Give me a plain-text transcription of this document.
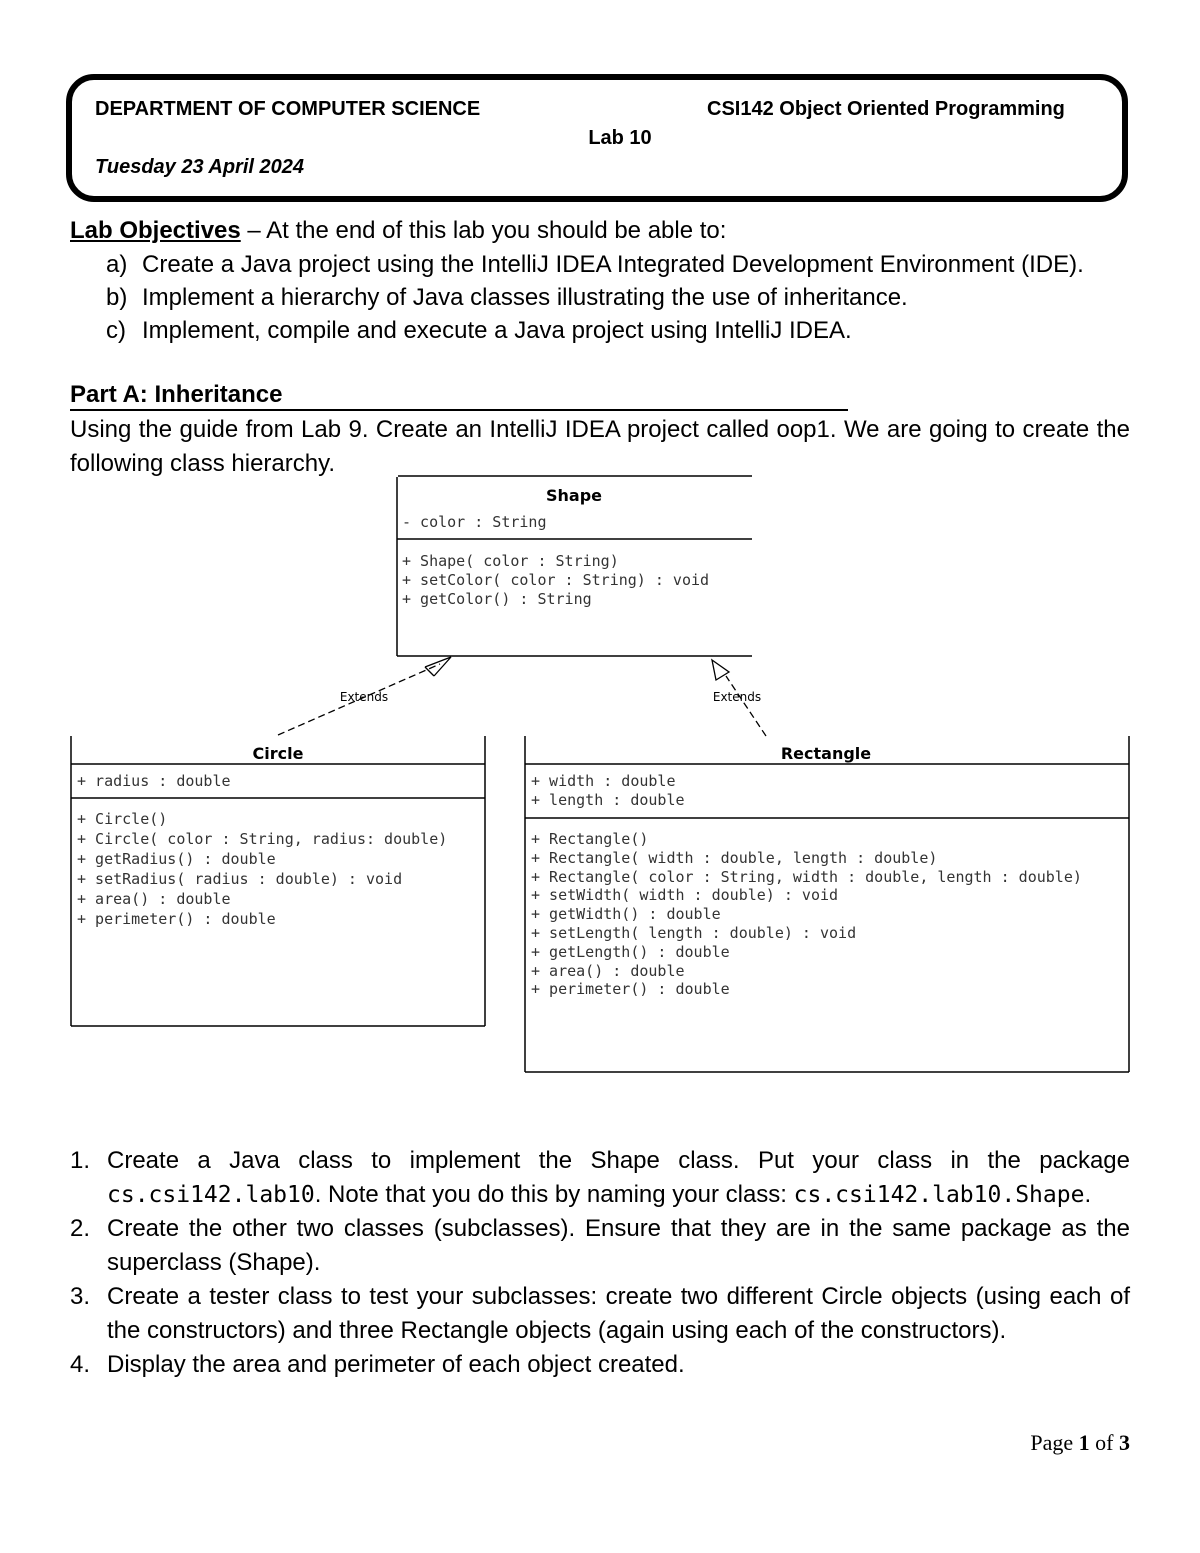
DEPARTMENT OF COMPUTER SCIENCE	CSI142 Object Oriented Programming
Lab 10
Tuesday 23 April 2024
Lab Objectives – At the end of this lab you should be able to:
a) Create a Java project using the IntelliJ IDEA Integrated Development Environment (IDE).
b) Implement a hierarchy of Java classes illustrating the use of inheritance.
c) Implement, compile and execute a Java project using IntelliJ IDEA.
Part A: Inheritance
Using the guide from Lab 9. Create an IntelliJ IDEA project called oop1. We are going to create the following class hierarchy.
Shape
- color : String
+ Shape( color : String)
+ setColor( color : String) : void
+ getColor() : String
Extends	Extends
Circle
+ radius : double
+ Circle()
+ Circle( color : String, radius: double)
+ getRadius() : double
+ setRadius( radius : double) : void
+ area() : double
+ perimeter() : double
Rectangle
+ width : double
+ length : double
+ Rectangle()
+ Rectangle( width : double, length : double)
+ Rectangle( color : String, width : double, length : double)
+ setWidth( width : double) : void
+ getWidth() : double
+ setLength( length : double) : void
+ getLength() : double
+ area() : double
+ perimeter() : double
1. Create a Java class to implement the Shape class. Put your class in the package cs.csi142.lab10. Note that you do this by naming your class: cs.csi142.lab10.Shape.
2. Create the other two classes (subclasses). Ensure that they are in the same package as the superclass (Shape).
3. Create a tester class to test your subclasses: create two different Circle objects (using each of the constructors) and three Rectangle objects (again using each of the constructors).
4. Display the area and perimeter of each object created.
Page 1 of 3
